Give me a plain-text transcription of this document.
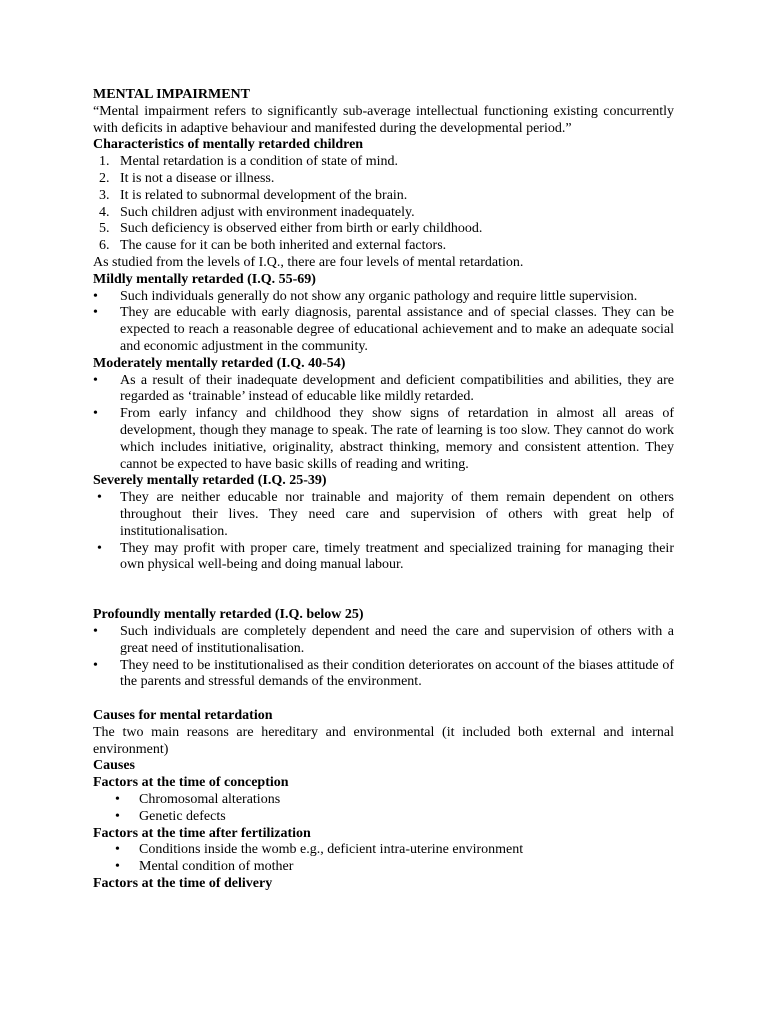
MENTAL IMPAIRMENT

“Mental impairment refers to significantly sub-average intellectual functioning existing concurrently with deficits in adaptive behaviour and manifested during the developmental period.”

Characteristics of mentally retarded children

1. Mental retardation is a condition of state of mind.
2. It is not a disease or illness.
3. It is related to subnormal development of the brain.
4. Such children adjust with environment inadequately.
5. Such deficiency is observed either from birth or early childhood.
6. The cause for it can be both inherited and external factors.

As studied from the levels of I.Q., there are four levels of mental retardation.

Mildly mentally retarded (I.Q. 55-69)

• Such individuals generally do not show any organic pathology and require little supervision.
• They are educable with early diagnosis, parental assistance and of special classes. They can be expected to reach a reasonable degree of educational achievement and to make an adequate social and economic adjustment in the community.

Moderately mentally retarded (I.Q. 40-54)

• As a result of their inadequate development and deficient compatibilities and abilities, they are regarded as ‘trainable’ instead of educable like mildly retarded.
• From early infancy and childhood they show signs of retardation in almost all areas of development, though they manage to speak. The rate of learning is too slow. They cannot do work which includes initiative, originality, abstract thinking, memory and consistent attention. They cannot be expected to have basic skills of reading and writing.

Severely mentally retarded (I.Q. 25-39)

• They are neither educable nor trainable and majority of them remain dependent on others throughout their lives. They need care and supervision of others with great help of institutionalisation.
• They may profit with proper care, timely treatment and specialized training for managing their own physical well-being and doing manual labour.

Profoundly mentally retarded (I.Q. below 25)

• Such individuals are completely dependent and need the care and supervision of others with a great need of institutionalisation.
• They need to be institutionalised as their condition deteriorates on account of the biases attitude of the parents and stressful demands of the environment.

Causes for mental retardation

The two main reasons are hereditary and environmental (it included both external and internal environment)

Causes

Factors at the time of conception

• Chromosomal alterations
• Genetic defects

Factors at the time after fertilization

• Conditions inside the womb e.g., deficient intra-uterine environment
• Mental condition of mother

Factors at the time of delivery
